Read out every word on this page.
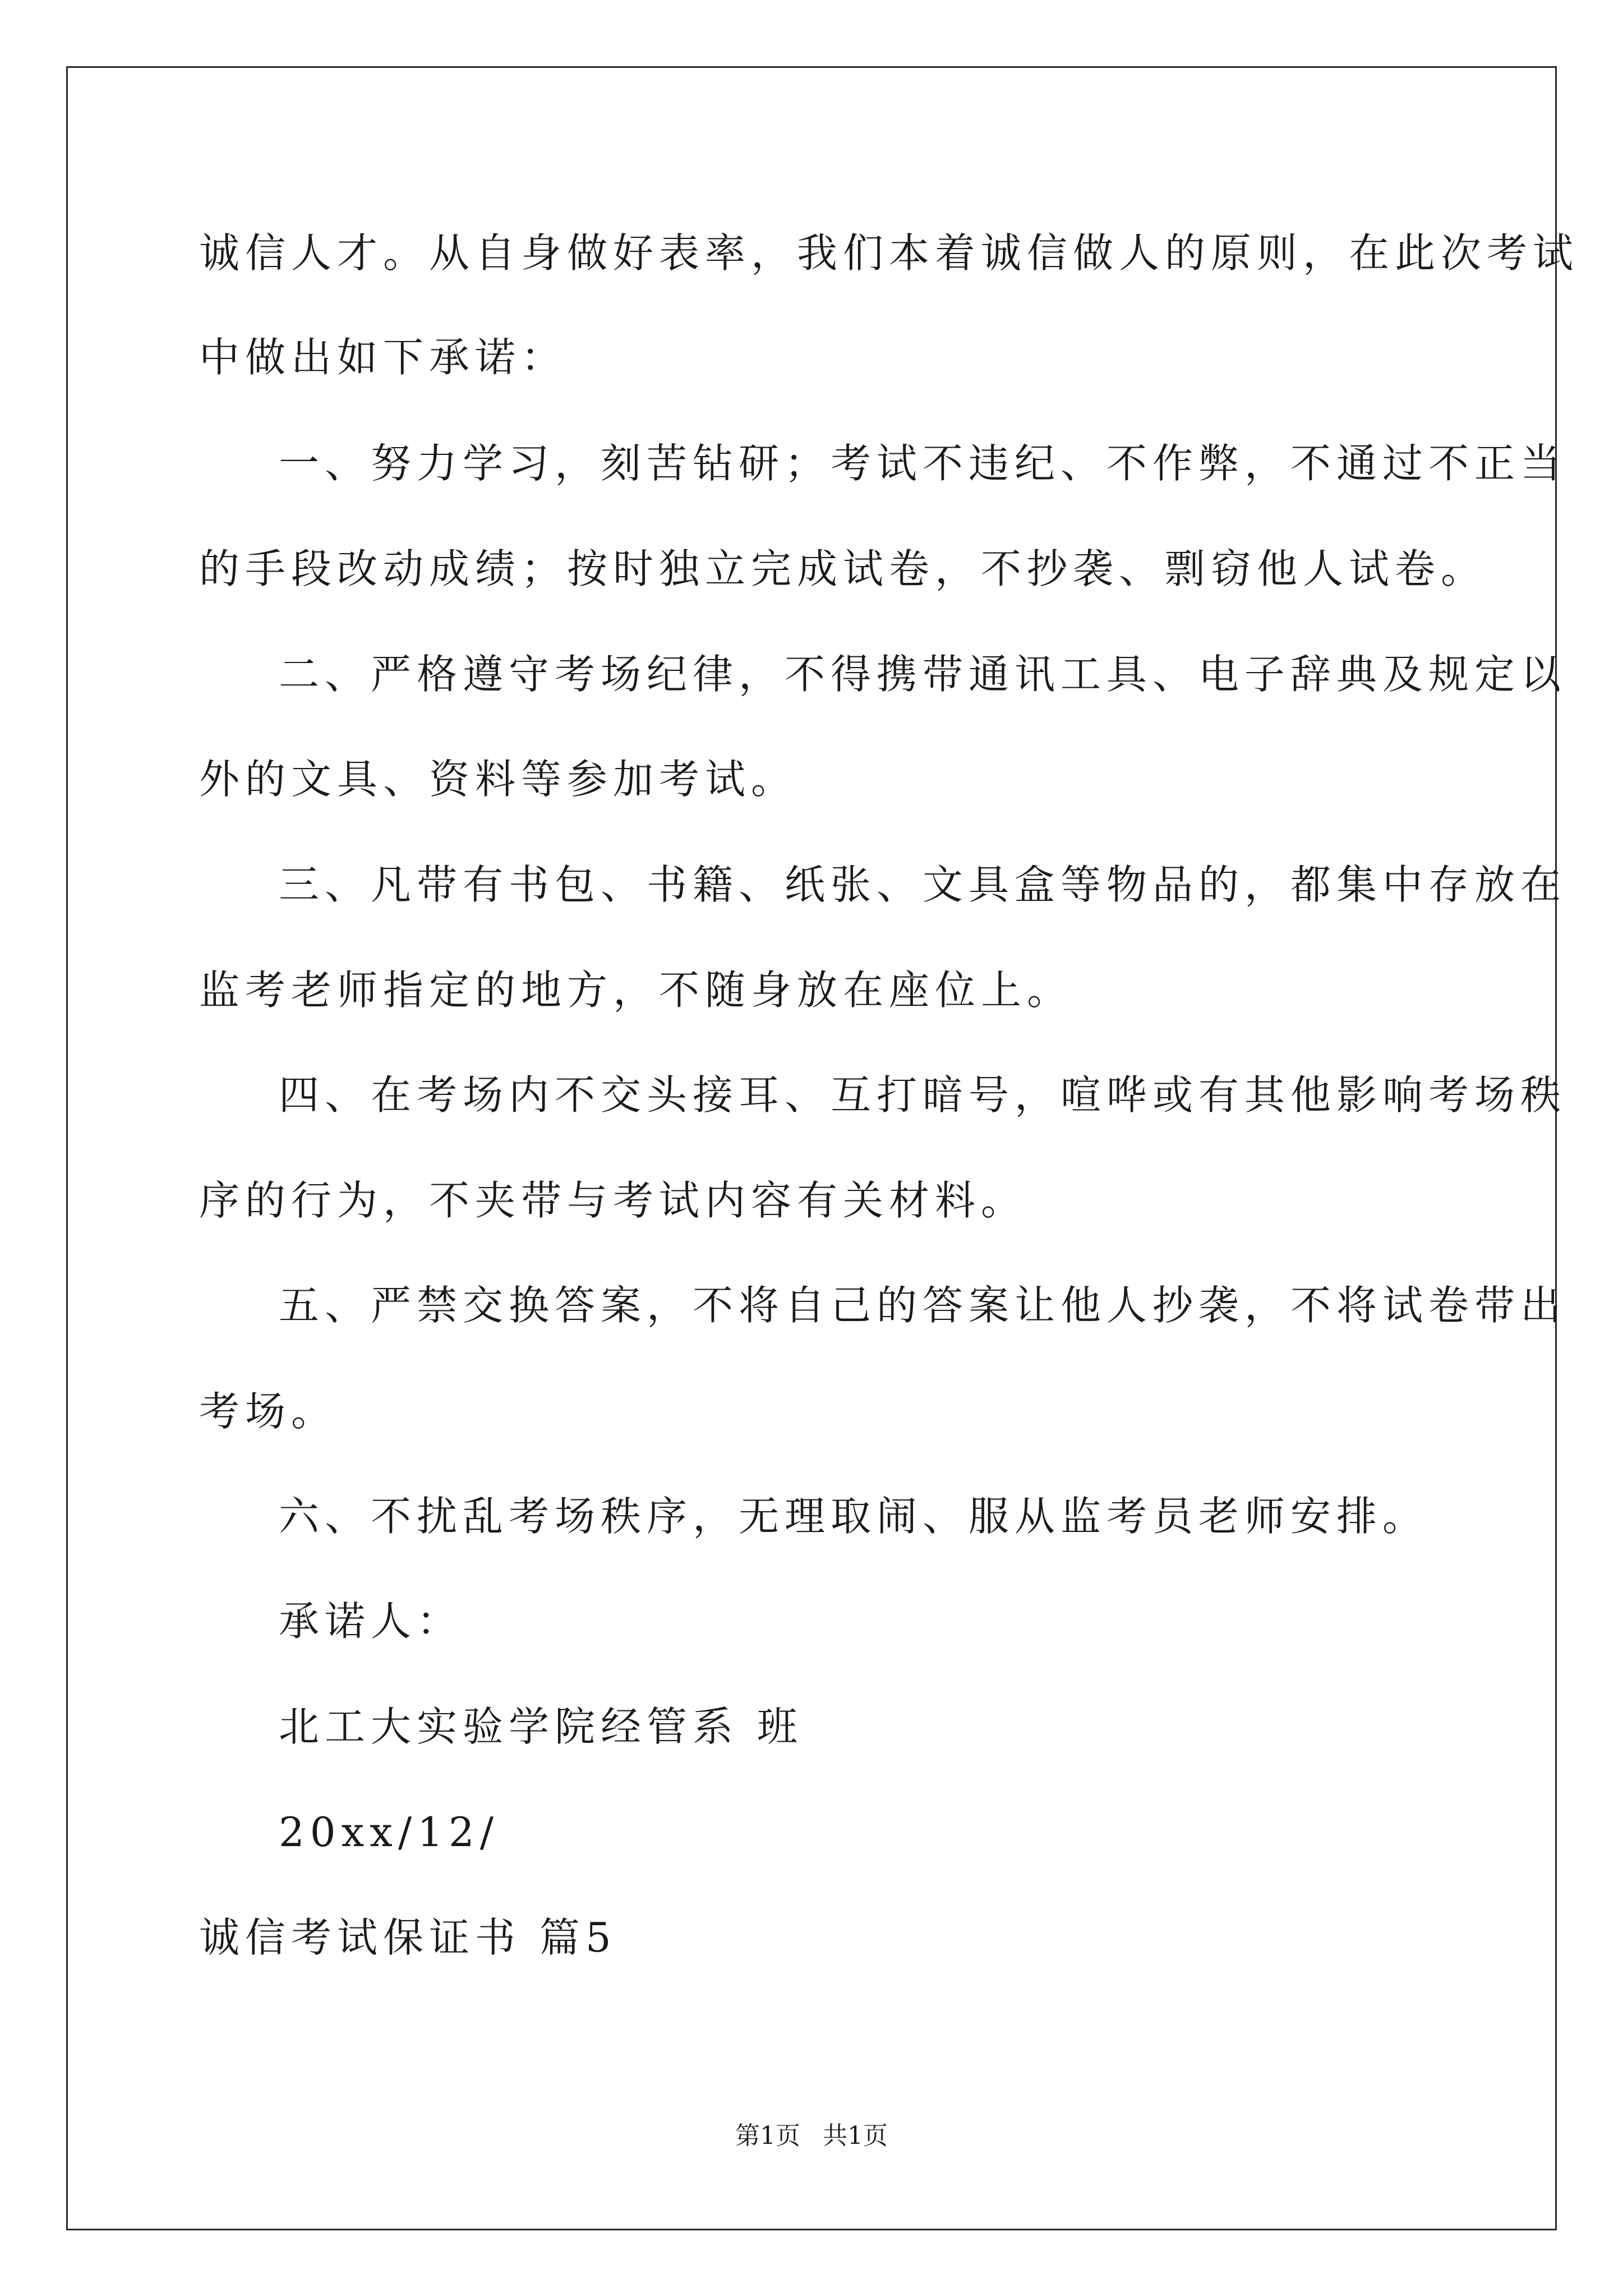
诚信人才。从自身做好表率，我们本着诚信做人的原则，在此次考试
中做出如下承诺：
一、努力学习，刻苦钻研；考试不违纪、不作弊，不通过不正当
的手段改动成绩；按时独立完成试卷，不抄袭、剽窃他人试卷。
二、严格遵守考场纪律，不得携带通讯工具、电子辞典及规定以
外的文具、资料等参加考试。
三、凡带有书包、书籍、纸张、文具盒等物品的，都集中存放在
监考老师指定的地方，不随身放在座位上。
四、在考场内不交头接耳、互打暗号，喧哗或有其他影响考场秩
序的行为，不夹带与考试内容有关材料。
五、严禁交换答案，不将自己的答案让他人抄袭，不将试卷带出
考场。
六、不扰乱考场秩序，无理取闹、服从监考员老师安排。
承诺人：
北工大实验学院经管系 班
20xx/12/
诚信考试保证书 篇5
第1页 共1页
